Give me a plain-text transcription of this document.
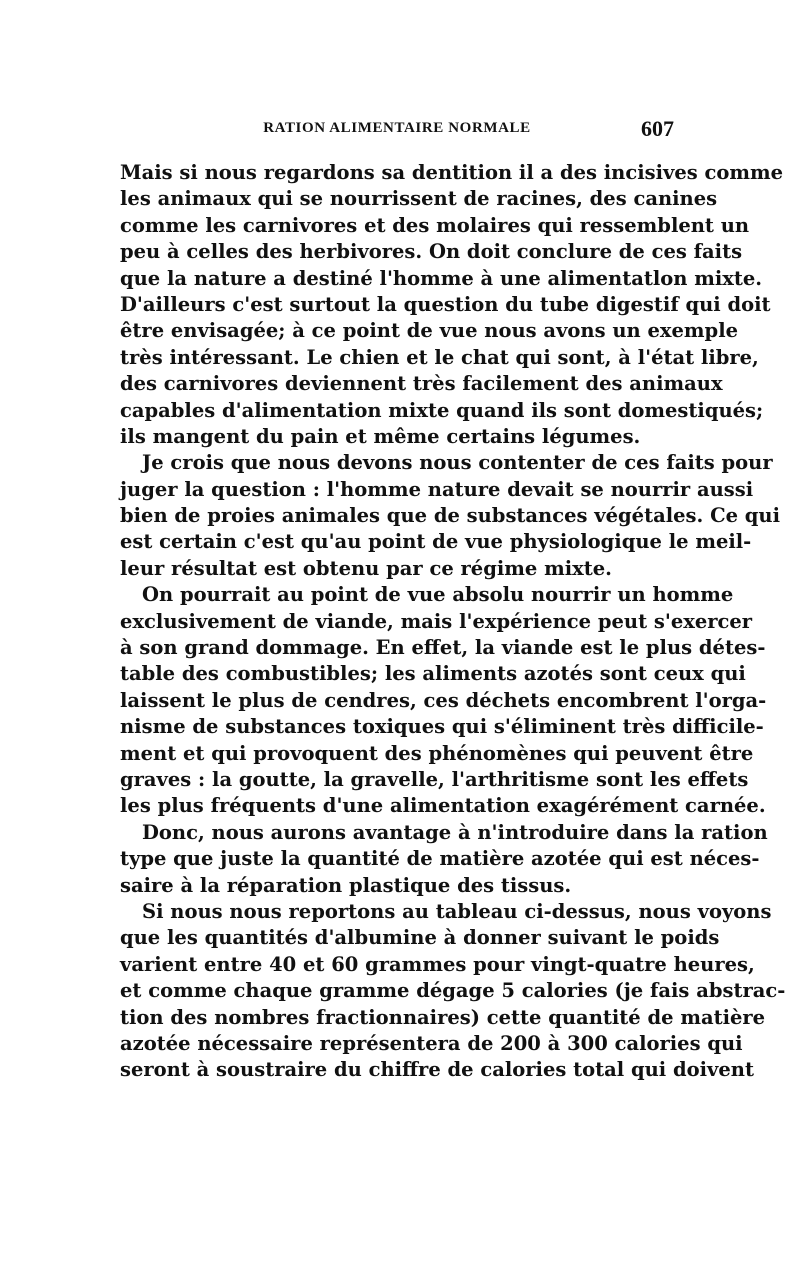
RATION ALIMENTAIRE NORMALE	607
Mais si nous regardons sa dentition il a des incisives comme
les animaux qui se nourrissent de racines, des canines
comme les carnivores et des molaires qui ressemblent un
peu à celles des herbivores. On doit conclure de ces faits
que la nature a destiné l'homme à une alimentatlon mixte.
D'ailleurs c'est surtout la question du tube digestif qui doit
être envisagée; à ce point de vue nous avons un exemple
très intéressant. Le chien et le chat qui sont, à l'état libre,
des carnivores deviennent très facilement des animaux
capables d'alimentation mixte quand ils sont domestiqués;
ils mangent du pain et même certains légumes.
Je crois que nous devons nous contenter de ces faits pour
juger la question : l'homme nature devait se nourrir aussi
bien de proies animales que de substances végétales. Ce qui
est certain c'est qu'au point de vue physiologique le meil-
leur résultat est obtenu par ce régime mixte.
On pourrait au point de vue absolu nourrir un homme
exclusivement de viande, mais l'expérience peut s'exercer
à son grand dommage. En effet, la viande est le plus détes-
table des combustibles; les aliments azotés sont ceux qui
laissent le plus de cendres, ces déchets encombrent l'orga-
nisme de substances toxiques qui s'éliminent très difficile-
ment et qui provoquent des phénomènes qui peuvent être
graves : la goutte, la gravelle, l'arthritisme sont les effets
les plus fréquents d'une alimentation exagérément carnée.
Donc, nous aurons avantage à n'introduire dans la ration
type que juste la quantité de matière azotée qui est néces-
saire à la réparation plastique des tissus.
Si nous nous reportons au tableau ci-dessus, nous voyons
que les quantités d'albumine à donner suivant le poids
varient entre 40 et 60 grammes pour vingt-quatre heures,
et comme chaque gramme dégage 5 calories (je fais abstrac-
tion des nombres fractionnaires) cette quantité de matière
azotée nécessaire représentera de 200 à 300 calories qui
seront à soustraire du chiffre de calories total qui doivent
